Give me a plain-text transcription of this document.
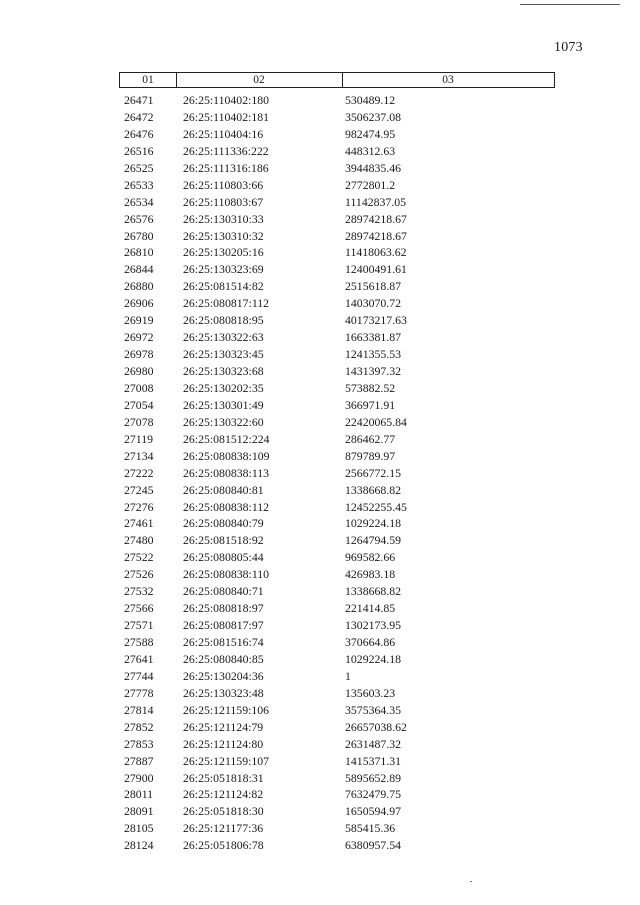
1073
01	02	03
26471	26:25:110402:180	530489.12
26472	26:25:110402:181	3506237.08
26476	26:25:110404:16	982474.95
26516	26:25:111336:222	448312.63
26525	26:25:111316:186	3944835.46
26533	26:25:110803:66	2772801.2
26534	26:25:110803:67	11142837.05
26576	26:25:130310:33	28974218.67
26780	26:25:130310:32	28974218.67
26810	26:25:130205:16	11418063.62
26844	26:25:130323:69	12400491.61
26880	26:25:081514:82	2515618.87
26906	26:25:080817:112	1403070.72
26919	26:25:080818:95	40173217.63
26972	26:25:130322:63	1663381.87
26978	26:25:130323:45	1241355.53
26980	26:25:130323:68	1431397.32
27008	26:25:130202:35	573882.52
27054	26:25:130301:49	366971.91
27078	26:25:130322:60	22420065.84
27119	26:25:081512:224	286462.77
27134	26:25:080838:109	879789.97
27222	26:25:080838:113	2566772.15
27245	26:25:080840:81	1338668.82
27276	26:25:080838:112	12452255.45
27461	26:25:080840:79	1029224.18
27480	26:25:081518:92	1264794.59
27522	26:25:080805:44	969582.66
27526	26:25:080838:110	426983.18
27532	26:25:080840:71	1338668.82
27566	26:25:080818:97	221414.85
27571	26:25:080817:97	1302173.95
27588	26:25:081516:74	370664.86
27641	26:25:080840:85	1029224.18
27744	26:25:130204:36	1
27778	26:25:130323:48	135603.23
27814	26:25:121159:106	3575364.35
27852	26:25:121124:79	26657038.62
27853	26:25:121124:80	2631487.32
27887	26:25:121159:107	1415371.31
27900	26:25:051818:31	5895652.89
28011	26:25:121124:82	7632479.75
28091	26:25:051818:30	1650594.97
28105	26:25:121177:36	585415.36
28124	26:25:051806:78	6380957.54
